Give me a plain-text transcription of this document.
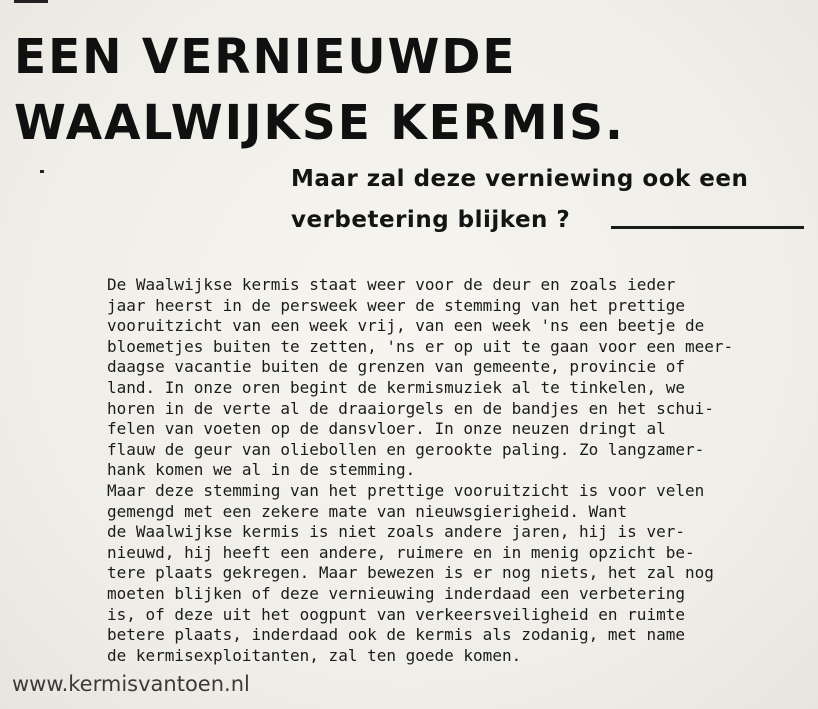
EEN VERNIEUWDE
WAALWIJKSE KERMIS.
Maar zal deze verniewing ook een
verbetering blijken ?
De Waalwijkse kermis staat weer voor de deur en zoals ieder
jaar heerst in de persweek weer de stemming van het prettige
vooruitzicht van een week vrij, van een week 'ns een beetje de
bloemetjes buiten te zetten, 'ns er op uit te gaan voor een meer-
daagse vacantie buiten de grenzen van gemeente, provincie of
land. In onze oren begint de kermismuziek al te tinkelen, we
horen in de verte al de draaiorgels en de bandjes en het schui-
felen van voeten op de dansvloer. In onze neuzen dringt al
flauw de geur van oliebollen en gerookte paling. Zo langzamer-
hank komen we al in de stemming.
Maar deze stemming van het prettige vooruitzicht is voor velen
gemengd met een zekere mate van nieuwsgierigheid. Want
de Waalwijkse kermis is niet zoals andere jaren, hij is ver-
nieuwd, hij heeft een andere, ruimere en in menig opzicht be-
tere plaats gekregen. Maar bewezen is er nog niets, het zal nog
moeten blijken of deze vernieuwing inderdaad een verbetering
is, of deze uit het oogpunt van verkeersveiligheid en ruimte
betere plaats, inderdaad ook de kermis als zodanig, met name
de kermisexploitanten, zal ten goede komen.
www.kermisvantoen.nl
